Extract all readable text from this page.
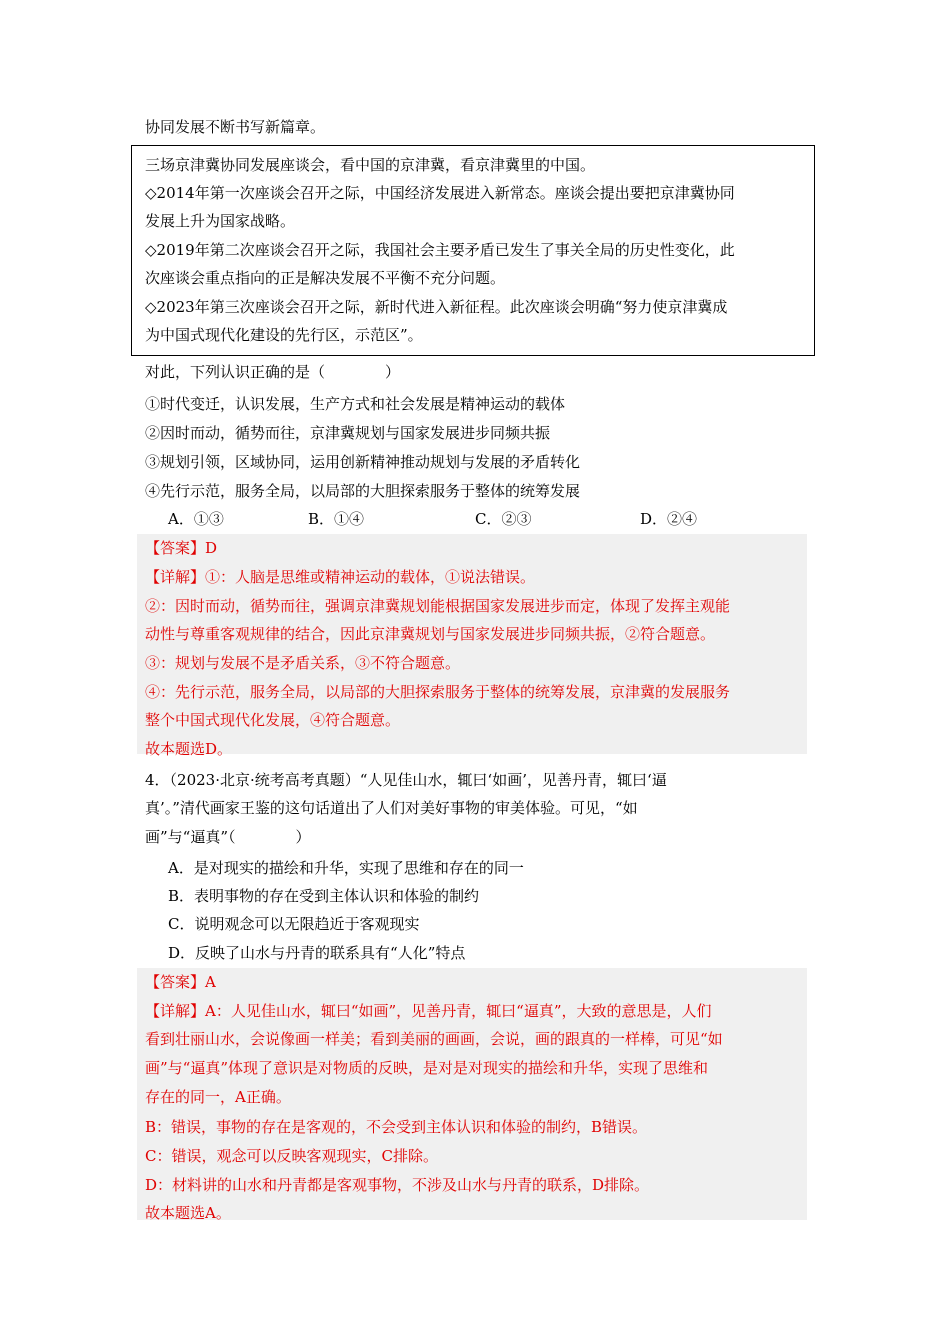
协同发展不断书写新篇章。
三场京津冀协同发展座谈会，看中国的京津冀，看京津冀里的中国。
◇2014年第一次座谈会召开之际，中国经济发展进入新常态。座谈会提出要把京津冀协同
发展上升为国家战略。
◇2019年第二次座谈会召开之际，我国社会主要矛盾已发生了事关全局的历史性变化，此
次座谈会重点指向的正是解决发展不平衡不充分问题。
◇2023年第三次座谈会召开之际，新时代进入新征程。此次座谈会明确“努力使京津冀成
为中国式现代化建设的先行区，示范区”。
对此，下列认识正确的是（　　　　）
①时代变迁，认识发展，生产方式和社会发展是精神运动的载体
②因时而动，循势而往，京津冀规划与国家发展进步同频共振
③规划引领，区域协同，运用创新精神推动规划与发展的矛盾转化
④先行示范，服务全局，以局部的大胆探索服务于整体的统筹发展
A．①③	B．①④	C．②③	D．②④
【答案】D
【详解】①：人脑是思维或精神运动的载体，①说法错误。
②：因时而动，循势而往，强调京津冀规划能根据国家发展进步而定，体现了发挥主观能
动性与尊重客观规律的结合，因此京津冀规划与国家发展进步同频共振，②符合题意。
③：规划与发展不是矛盾关系，③不符合题意。
④：先行示范，服务全局，以局部的大胆探索服务于整体的统筹发展，京津冀的发展服务
整个中国式现代化发展，④符合题意。
故本题选D。
4．（2023·北京·统考高考真题）“人见佳山水，辄曰‘如画’，见善丹青，辄曰‘逼
真’。”清代画家王鉴的这句话道出了人们对美好事物的审美体验。可见，“如
画”与“逼真”（　　　　）
A．是对现实的描绘和升华，实现了思维和存在的同一
B．表明事物的存在受到主体认识和体验的制约
C．说明观念可以无限趋近于客观现实
D．反映了山水与丹青的联系具有“人化”特点
【答案】A
【详解】A：人见佳山水，辄曰“如画”，见善丹青，辄曰“逼真”，大致的意思是，人们
看到壮丽山水，会说像画一样美；看到美丽的画画，会说，画的跟真的一样棒，可见“如
画”与“逼真”体现了意识是对物质的反映，是对是对现实的描绘和升华，实现了思维和
存在的同一，A正确。
B：错误，事物的存在是客观的，不会受到主体认识和体验的制约，B错误。
C：错误，观念可以反映客观现实，C排除。
D：材料讲的山水和丹青都是客观事物，不涉及山水与丹青的联系，D排除。
故本题选A。
